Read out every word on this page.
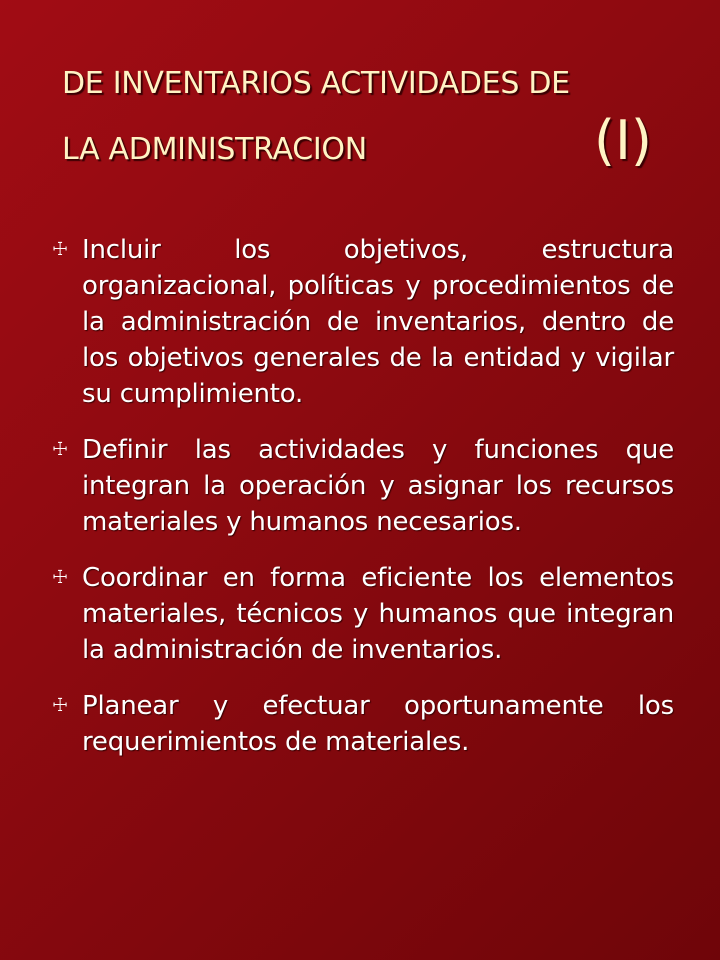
DE INVENTARIOS ACTIVIDADES DE
LA ADMINISTRACION	(I)
☩ Incluir los objetivos, estructura organizacional, políticas y procedimientos de la administración de inventarios, dentro de los objetivos generales de la entidad y vigilar su cumplimiento.
☩ Definir las actividades y funciones que integran la operación y asignar los recursos materiales y humanos necesarios.
☩ Coordinar en forma eficiente los elementos materiales, técnicos y humanos que integran la administración de inventarios.
☩ Planear y efectuar oportunamente los requerimientos de materiales.
